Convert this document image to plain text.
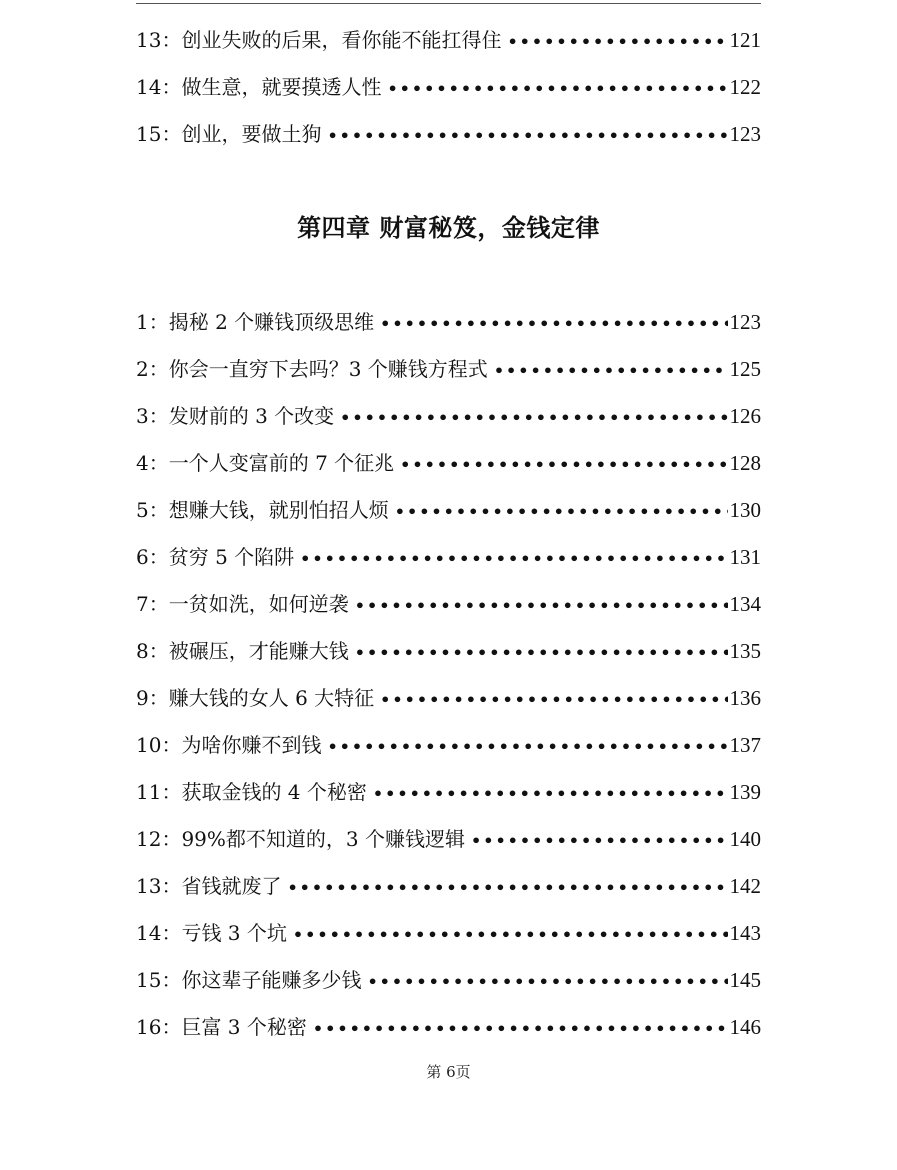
13：创业失败的后果，看你能不能扛得住 •••••	121
14：做生意，就要摸透人性 •••••	122
15：创业，要做土狗 •••••	123
第四章 财富秘笈，金钱定律
1：揭秘 2 个赚钱顶级思维 •••••	123
2：你会一直穷下去吗？3 个赚钱方程式 •••••	125
3：发财前的 3 个改变 •••••	126
4：一个人变富前的 7 个征兆 •••••	128
5：想赚大钱，就别怕招人烦 •••••	130
6：贫穷 5 个陷阱 •••••	131
7：一贫如洗，如何逆袭 •••••	134
8：被碾压，才能赚大钱 •••••	135
9：赚大钱的女人 6 大特征 •••••	136
10：为啥你赚不到钱 •••••	137
11：获取金钱的 4 个秘密 •••••	139
12：99%都不知道的，3 个赚钱逻辑 •••••	140
13：省钱就废了 •••••	142
14：亏钱 3 个坑 •••••	143
15：你这辈子能赚多少钱 •••••	145
16：巨富 3 个秘密 •••••	146
第 6页
